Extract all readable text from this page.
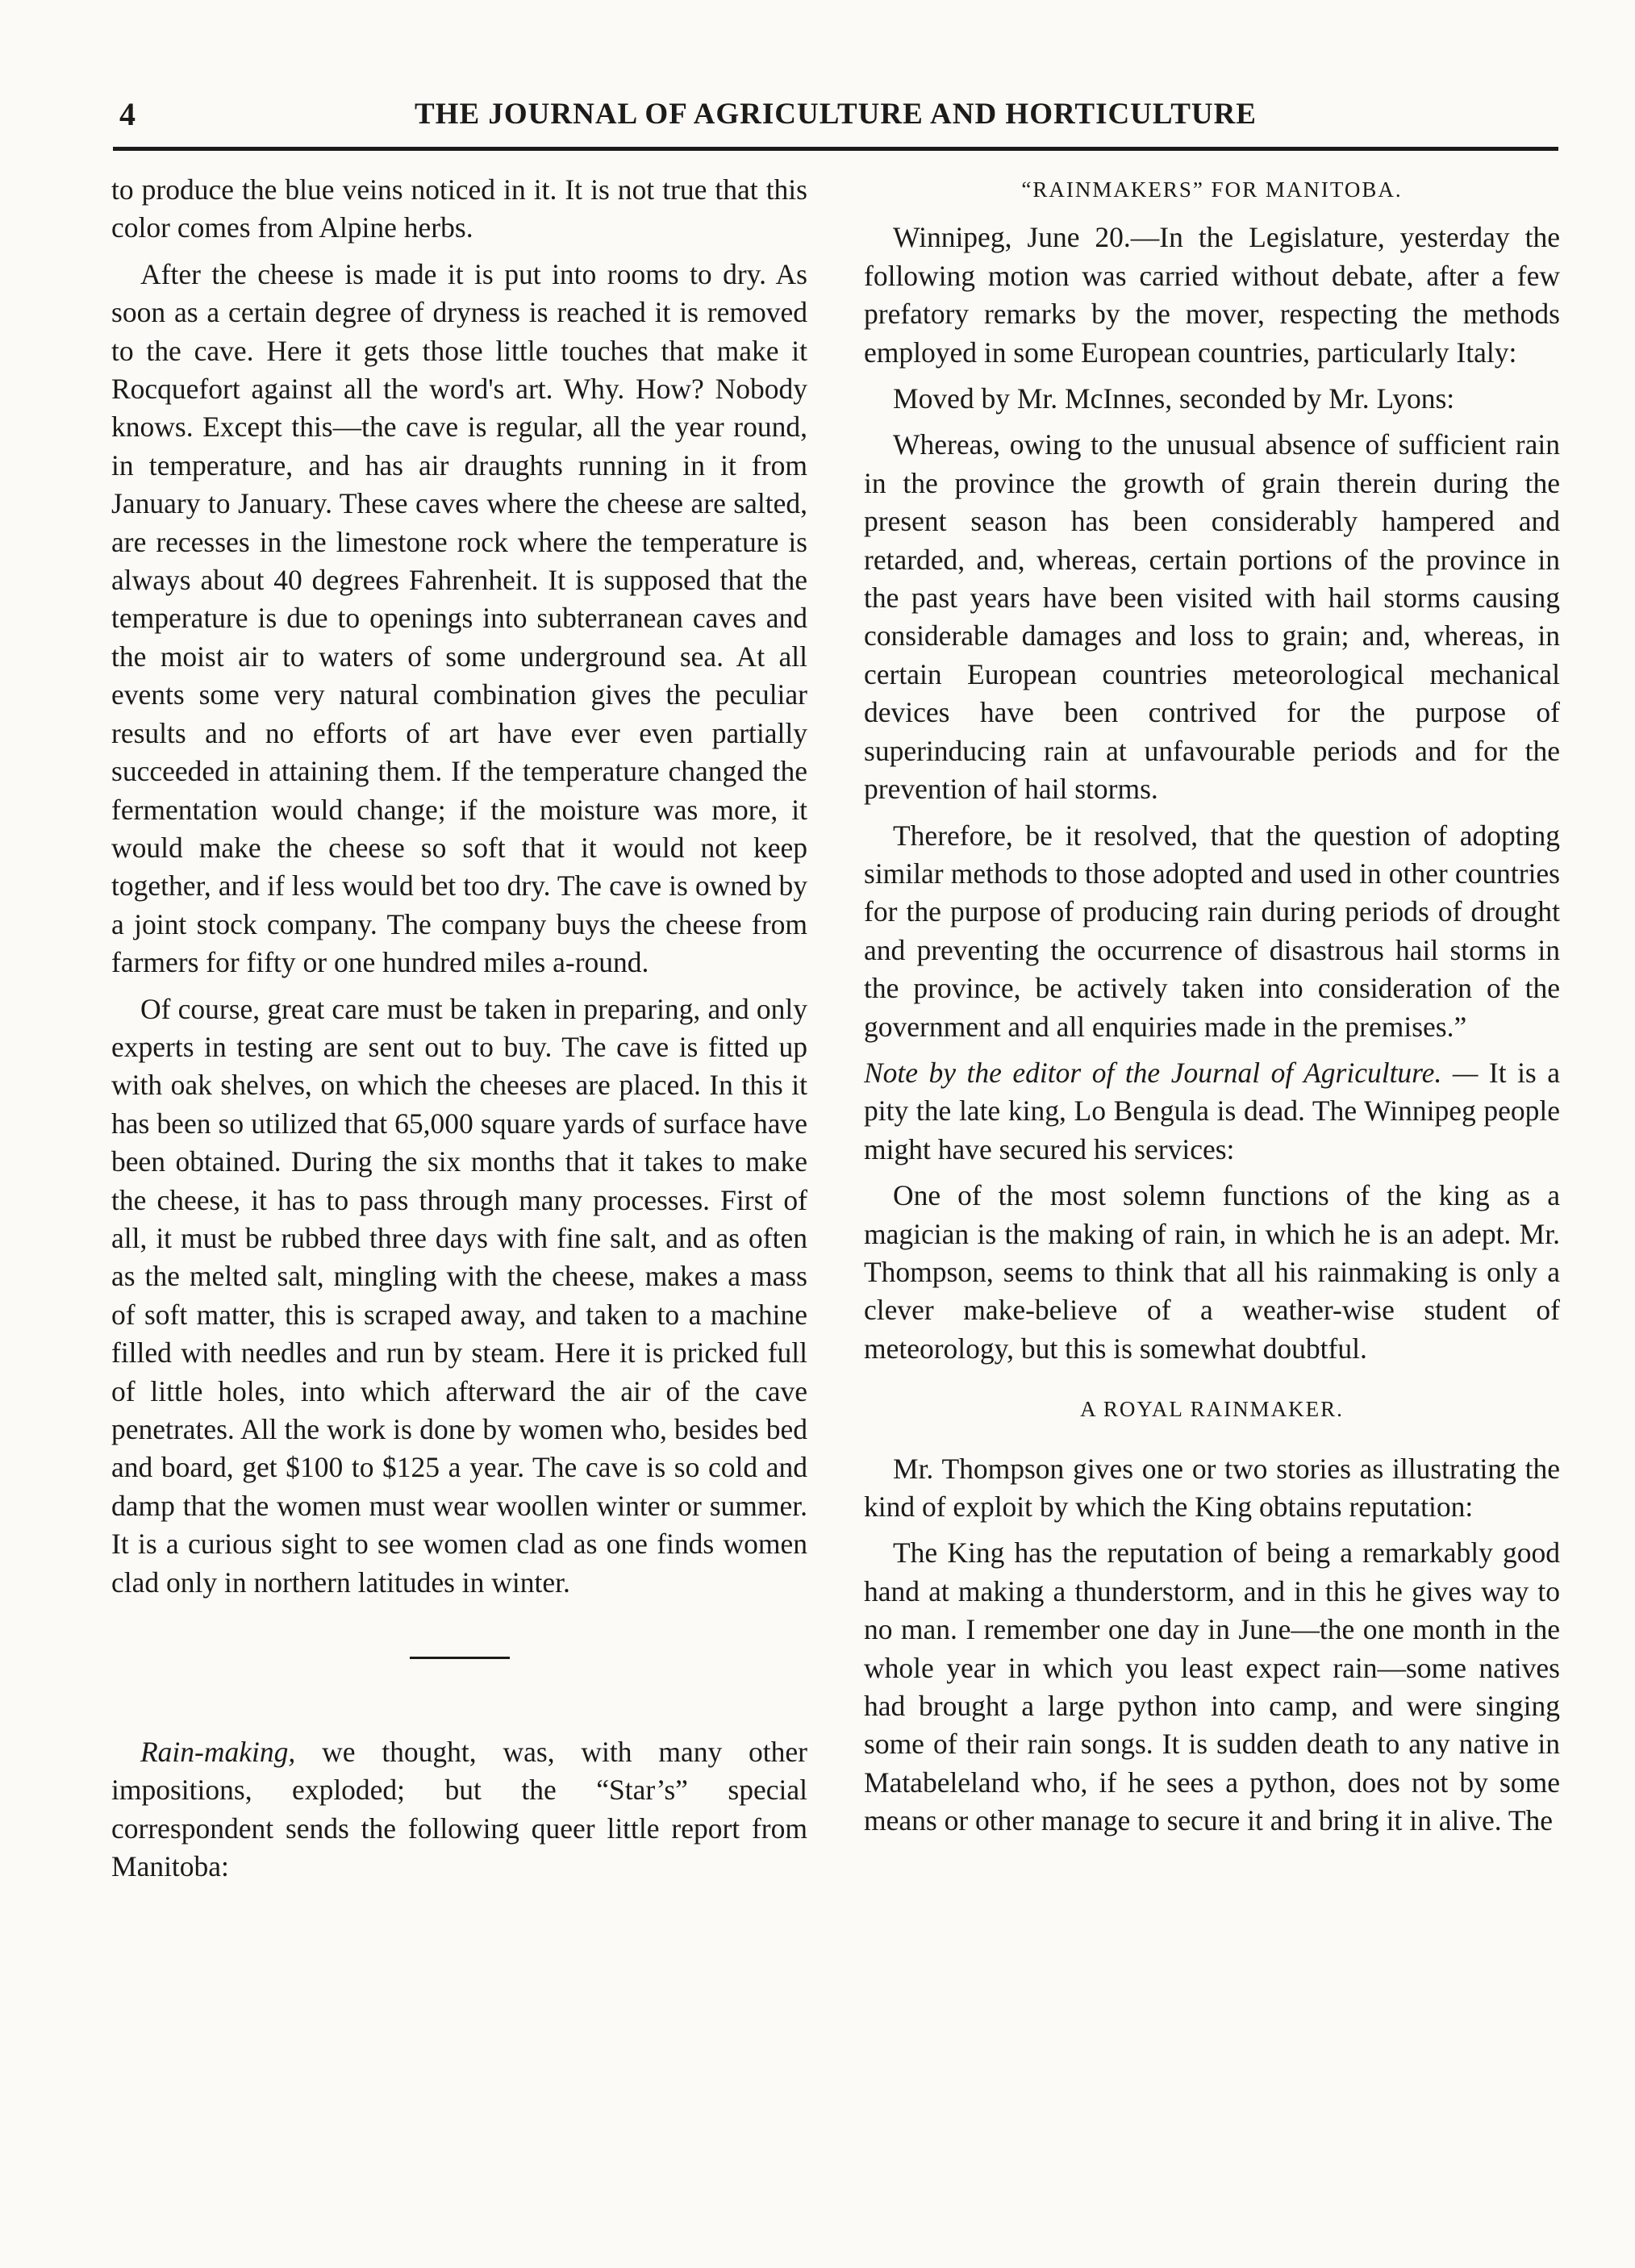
4	THE JOURNAL OF AGRICULTURE AND HORTICULTURE

to produce the blue veins noticed in it. It is not true that this color comes from Alpine herbs.

After the cheese is made it is put into rooms to dry. As soon as a certain degree of dryness is reached it is removed to the cave. Here it gets those little touches that make it Rocquefort against all the word's art. Why. How? Nobody knows. Except this—the cave is regular, all the year round, in temperature, and has air draughts running in it from January to January. These caves where the cheese are salted, are recesses in the limestone rock where the temperature is always about 40 degrees Fahrenheit. It is supposed that the temperature is due to openings into subterranean caves and the moist air to waters of some underground sea. At all events some very natural combination gives the peculiar results and no efforts of art have ever even partially succeeded in attaining them. If the temperature changed the fermentation would change; if the moisture was more, it would make the cheese so soft that it would not keep together, and if less would bet too dry. The cave is owned by a joint stock company. The company buys the cheese from farmers for fifty or one hundred miles a-round.

Of course, great care must be taken in preparing, and only experts in testing are sent out to buy. The cave is fitted up with oak shelves, on which the cheeses are placed. In this it has been so utilized that 65,000 square yards of surface have been obtained. During the six months that it takes to make the cheese, it has to pass through many processes. First of all, it must be rubbed three days with fine salt, and as often as the melted salt, mingling with the cheese, makes a mass of soft matter, this is scraped away, and taken to a machine filled with needles and run by steam. Here it is pricked full of little holes, into which afterward the air of the cave penetrates. All the work is done by women who, besides bed and board, get $100 to $125 a year. The cave is so cold and damp that the women must wear woollen winter or summer. It is a curious sight to see women clad as one finds women clad only in northern latitudes in winter.

Rain-making, we thought, was, with many other impositions, exploded; but the “Star’s” special correspondent sends the following queer little report from Manitoba:

“RAINMAKERS” FOR MANITOBA.

Winnipeg, June 20.—In the Legislature, yesterday the following motion was carried without debate, after a few prefatory remarks by the mover, respecting the methods employed in some European countries, particularly Italy:

Moved by Mr. McInnes, seconded by Mr. Lyons:

Whereas, owing to the unusual absence of sufficient rain in the province the growth of grain therein during the present season has been considerably hampered and retarded, and, whereas, certain portions of the province in the past years have been visited with hail storms causing considerable damages and loss to grain; and, whereas, in certain European countries meteorological mechanical devices have been contrived for the purpose of superinducing rain at unfavourable periods and for the prevention of hail storms.

Therefore, be it resolved, that the question of adopting similar methods to those adopted and used in other countries for the purpose of producing rain during periods of drought and preventing the occurrence of disastrous hail storms in the province, be actively taken into consideration of the government and all enquiries made in the premises.”

Note by the editor of the Journal of Agriculture. — It is a pity the late king, Lo Bengula is dead. The Winnipeg people might have secured his services:

One of the most solemn functions of the king as a magician is the making of rain, in which he is an adept. Mr. Thompson, seems to think that all his rainmaking is only a clever make-believe of a weather-wise student of meteorology, but this is somewhat doubtful.

A ROYAL RAINMAKER.

Mr. Thompson gives one or two stories as illustrating the kind of exploit by which the King obtains reputation:

The King has the reputation of being a remarkably good hand at making a thunderstorm, and in this he gives way to no man. I remember one day in June—the one month in the whole year in which you least expect rain—some natives had brought a large python into camp, and were singing some of their rain songs. It is sudden death to any native in Matabeleland who, if he sees a python, does not by some means or other manage to secure it and bring it in alive. The
